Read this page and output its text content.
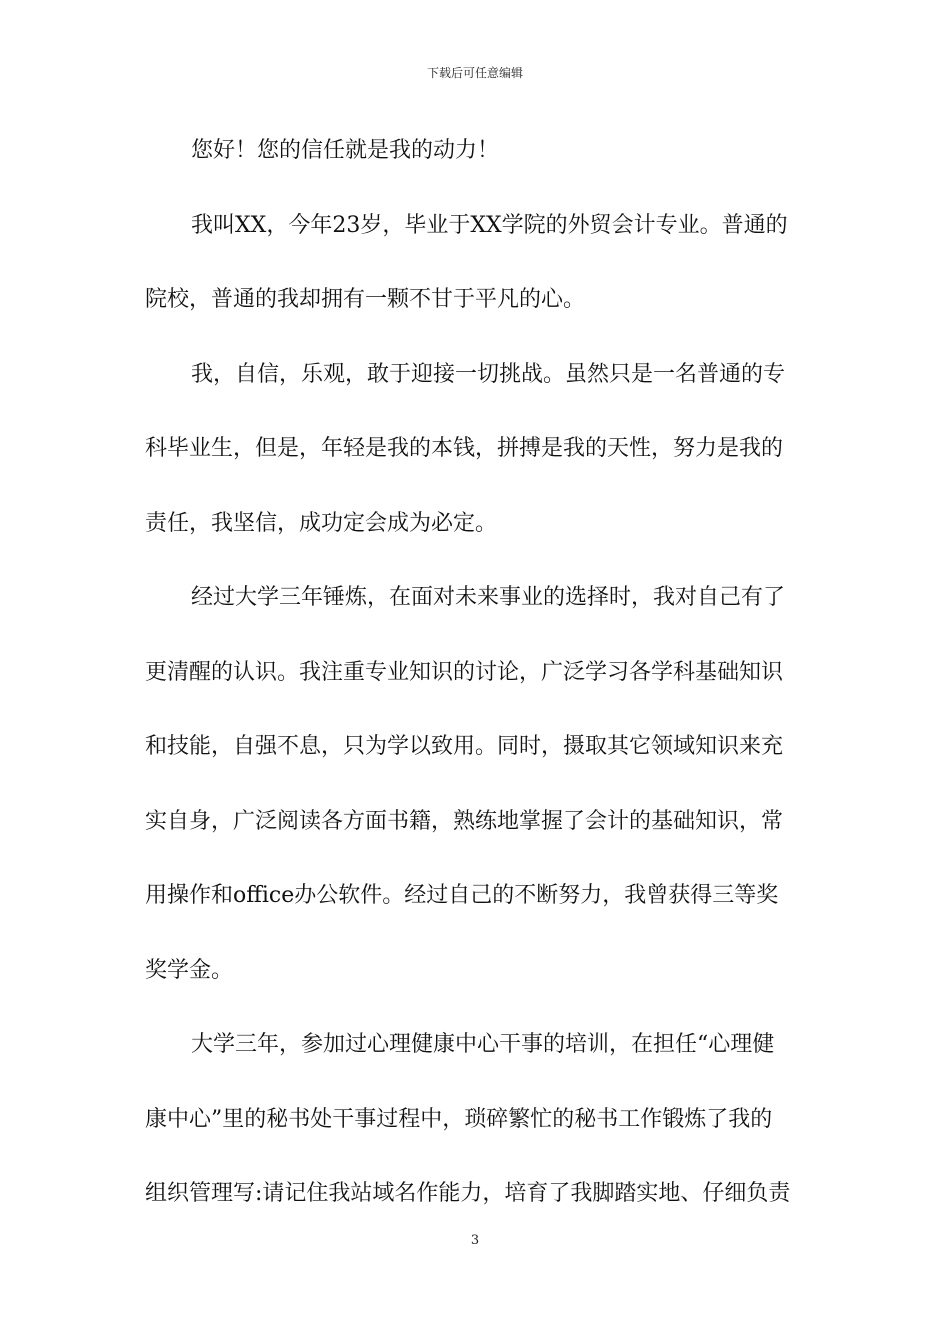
下载后可任意编辑
您好！您的信任就是我的动力！
我叫XX，今年23岁，毕业于XX学院的外贸会计专业。普通的
院校，普通的我却拥有一颗不甘于平凡的心。
我，自信，乐观，敢于迎接一切挑战。虽然只是一名普通的专
科毕业生，但是，年轻是我的本钱，拼搏是我的天性，努力是我的
责任，我坚信，成功定会成为必定。
经过大学三年锤炼，在面对未来事业的选择时，我对自己有了
更清醒的认识。我注重专业知识的讨论，广泛学习各学科基础知识
和技能，自强不息，只为学以致用。同时，摄取其它领域知识来充
实自身，广泛阅读各方面书籍，熟练地掌握了会计的基础知识，常
用操作和office办公软件。经过自己的不断努力，我曾获得三等奖
奖学金。
大学三年，参加过心理健康中心干事的培训，在担任“心理健
康中心”里的秘书处干事过程中，琐碎繁忙的秘书工作锻炼了我的
组织管理写:请记住我站域名作能力，培育了我脚踏实地、仔细负责
3
